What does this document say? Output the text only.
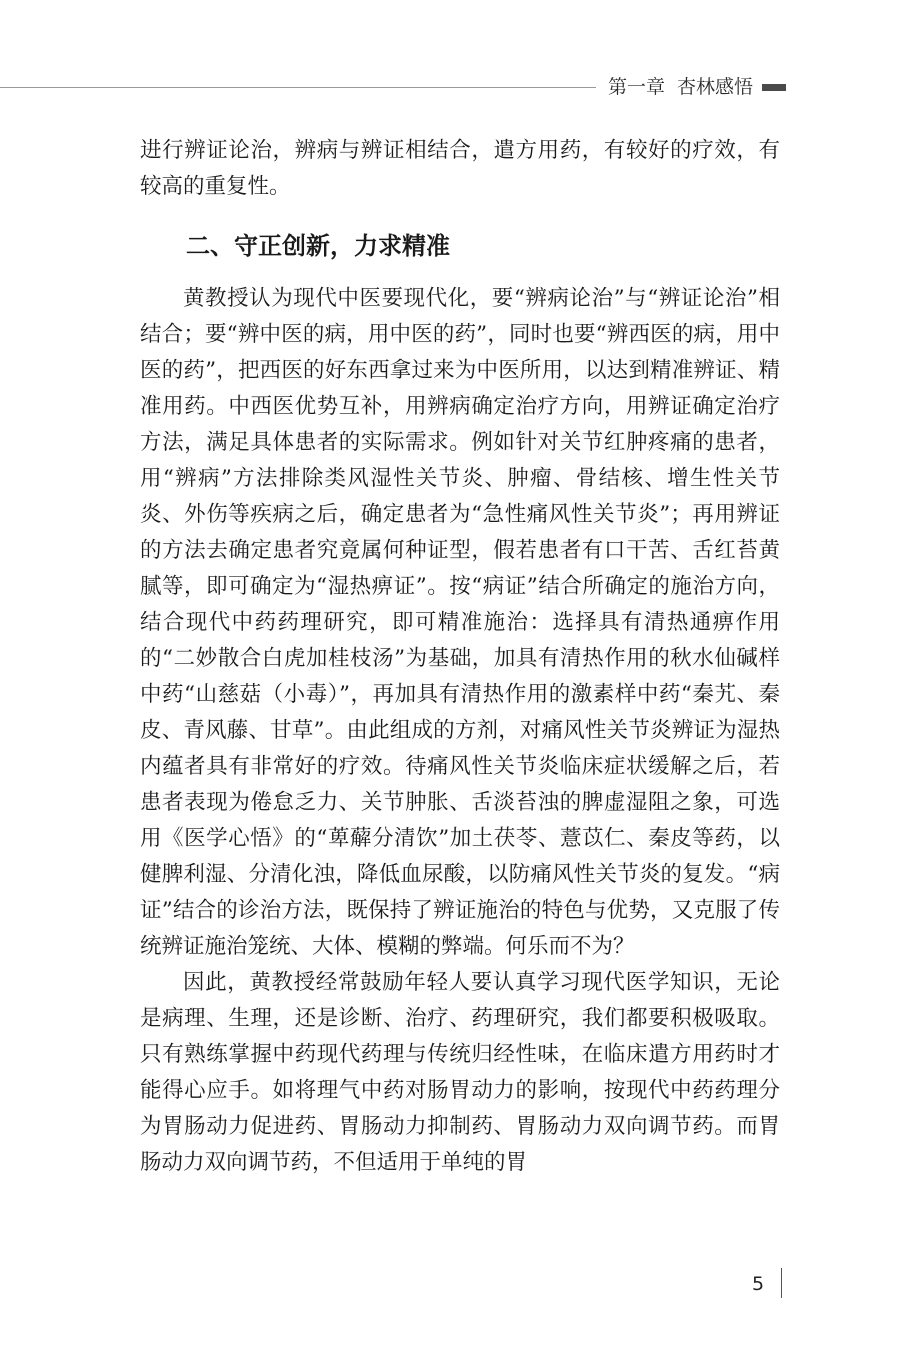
第一章 杏林感悟

进行辨证论治，辨病与辨证相结合，遣方用药，有较好的疗效，有较高的重复性。

二、守正创新，力求精准

黄教授认为现代中医要现代化，要“辨病论治”与“辨证论治”相结合；要“辨中医的病，用中医的药”，同时也要“辨西医的病，用中医的药”，把西医的好东西拿过来为中医所用，以达到精准辨证、精准用药。中西医优势互补，用辨病确定治疗方向，用辨证确定治疗方法，满足具体患者的实际需求。例如针对关节红肿疼痛的患者，用“辨病”方法排除类风湿性关节炎、肿瘤、骨结核、增生性关节炎、外伤等疾病之后，确定患者为“急性痛风性关节炎”；再用辨证的方法去确定患者究竟属何种证型，假若患者有口干苦、舌红苔黄腻等，即可确定为“湿热痹证”。按“病证”结合所确定的施治方向，结合现代中药药理研究，即可精准施治：选择具有清热通痹作用的“二妙散合白虎加桂枝汤”为基础，加具有清热作用的秋水仙碱样中药“山慈菇（小毒）”，再加具有清热作用的激素样中药“秦艽、秦皮、青风藤、甘草”。由此组成的方剂，对痛风性关节炎辨证为湿热内蕴者具有非常好的疗效。待痛风性关节炎临床症状缓解之后，若患者表现为倦怠乏力、关节肿胀、舌淡苔浊的脾虚湿阻之象，可选用《医学心悟》的“萆薢分清饮”加土茯苓、薏苡仁、秦皮等药，以健脾利湿、分清化浊，降低血尿酸，以防痛风性关节炎的复发。“病证”结合的诊治方法，既保持了辨证施治的特色与优势，又克服了传统辨证施治笼统、大体、模糊的弊端。何乐而不为？

因此，黄教授经常鼓励年轻人要认真学习现代医学知识，无论是病理、生理，还是诊断、治疗、药理研究，我们都要积极吸取。只有熟练掌握中药现代药理与传统归经性味，在临床遣方用药时才能得心应手。如将理气中药对肠胃动力的影响，按现代中药药理分为胃肠动力促进药、胃肠动力抑制药、胃肠动力双向调节药。而胃肠动力双向调节药，不但适用于单纯的胃

5
